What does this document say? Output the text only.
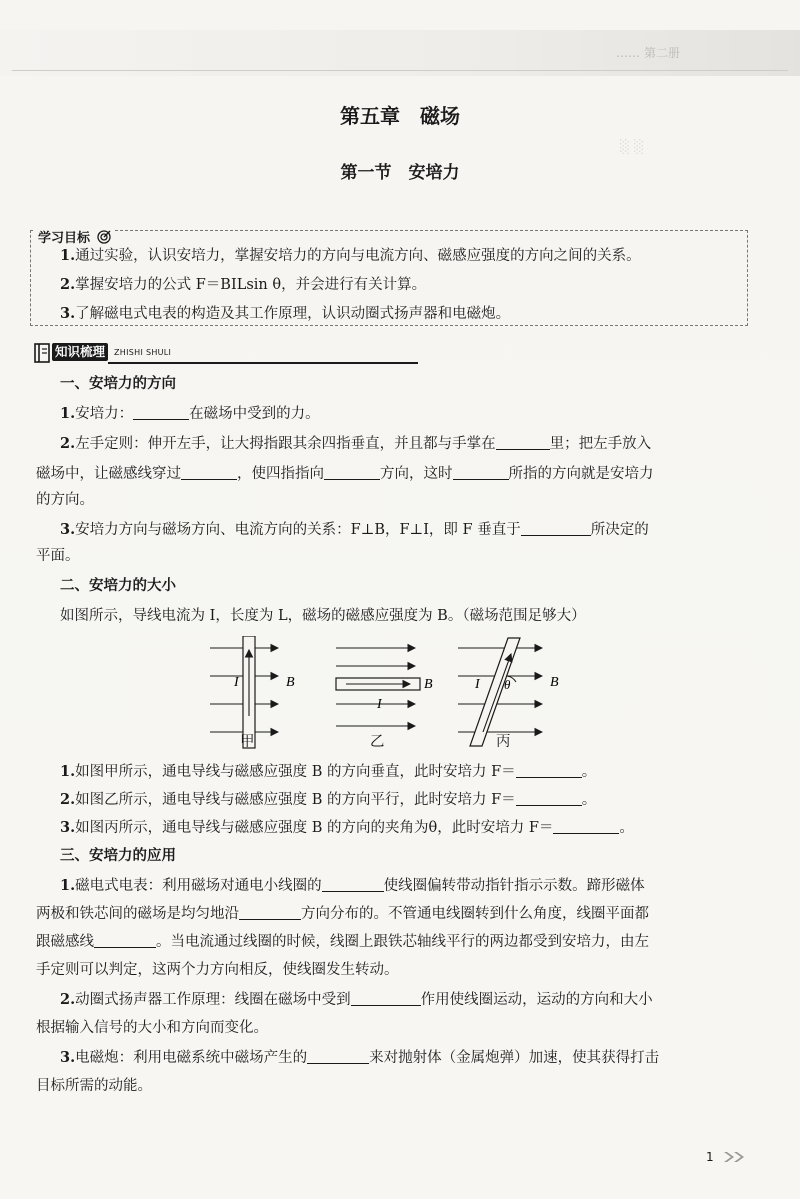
…… 第二册
░ ░
第五章　磁场
第一节　安培力
学习目标
1.通过实验，认识安培力，掌握安培力的方向与电流方向、磁感应强度的方向之间的关系。
2.掌握安培力的公式 F＝BILsin θ，并会进行有关计算。
3.了解磁电式电表的构造及其工作原理，认识动圈式扬声器和电磁炮。
知识梳理	ZHISHI SHULI
一、安培力的方向
1.安培力：	在磁场中受到的力。
2.左手定则：伸开左手，让大拇指跟其余四指垂直，并且都与手掌在	里；把左手放入
磁场中，让磁感线穿过	，使四指指向	方向，这时	所指的方向就是安培力
的方向。
3.安培力方向与磁场方向、电流方向的关系：F⊥B，F⊥I，即 F 垂直于	所决定的
平面。
二、安培力的大小
如图所示，导线电流为 I，长度为 L，磁场的磁感应强度为 B。（磁场范围足够大）
I	B
I
B	I θ	B
甲	乙	丙
1.如图甲所示，通电导线与磁感应强度 B 的方向垂直，此时安培力 F＝	。
2.如图乙所示，通电导线与磁感应强度 B 的方向平行，此时安培力 F＝	。
3.如图丙所示，通电导线与磁感应强度 B 的方向的夹角为θ，此时安培力 F＝	。
三、安培力的应用
1.磁电式电表：利用磁场对通电小线圈的	使线圈偏转带动指针指示示数。蹄形磁体
两极和铁芯间的磁场是均匀地沿	方向分布的。不管通电线圈转到什么角度，线圈平面都
跟磁感线	。当电流通过线圈的时候，线圈上跟铁芯轴线平行的两边都受到安培力，由左
手定则可以判定，这两个力方向相反，使线圈发生转动。
2.动圈式扬声器工作原理：线圈在磁场中受到	作用使线圈运动，运动的方向和大小
根据输入信号的大小和方向而变化。
3.电磁炮：利用电磁系统中磁场产生的	来对抛射体（金属炮弹）加速，使其获得打击
目标所需的动能。
1
